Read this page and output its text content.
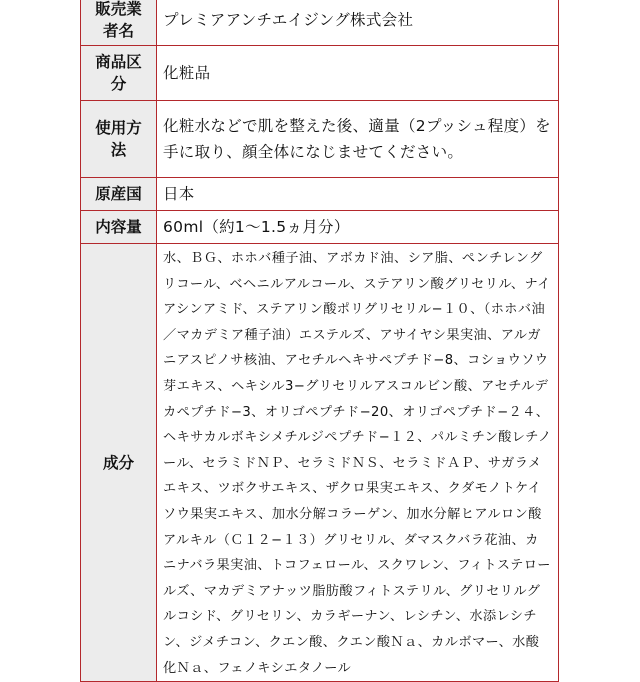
販売業者名	プレミアアンチエイジング株式会社
商品区分	化粧品
使用方法	化粧水などで肌を整えた後、適量（2プッシュ程度）を手に取り、顔全体になじませてください。
原産国	日本
内容量	60ml（約1〜1.5ヵ月分）
成分	水、ＢＧ、ホホバ種子油、アボカド油、シア脂、ペンチレングリコール、ベヘニルアルコール、ステアリン酸グリセリル、ナイアシンアミド、ステアリン酸ポリグリセリル−１０、（ホホバ油／マカデミア種子油）エステルズ、アサイヤシ果実油、アルガニアスピノサ核油、アセチルヘキサペプチド−8、コショウソウ芽エキス、ヘキシル3−グリセリルアスコルビン酸、アセチルデカペプチド−3、オリゴペプチド−20、オリゴペプチド−２４、ヘキサカルボキシメチルジペプチド−１２、パルミチン酸レチノール、セラミドＮＰ、セラミドＮＳ、セラミドＡＰ、サガラメエキス、ツボクサエキス、ザクロ果実エキス、クダモノトケイソウ果実エキス、加水分解コラーゲン、加水分解ヒアルロン酸アルキル（Ｃ１２−１３）グリセリル、ダマスクバラ花油、カニナバラ果実油、トコフェロール、スクワレン、フィトステロールズ、マカデミアナッツ脂肪酸フィトステリル、グリセリルグルコシド、グリセリン、カラギーナン、レシチン、水添レシチン、ジメチコン、クエン酸、クエン酸Ｎａ、カルボマー、水酸化Ｎａ、フェノキシエタノール
